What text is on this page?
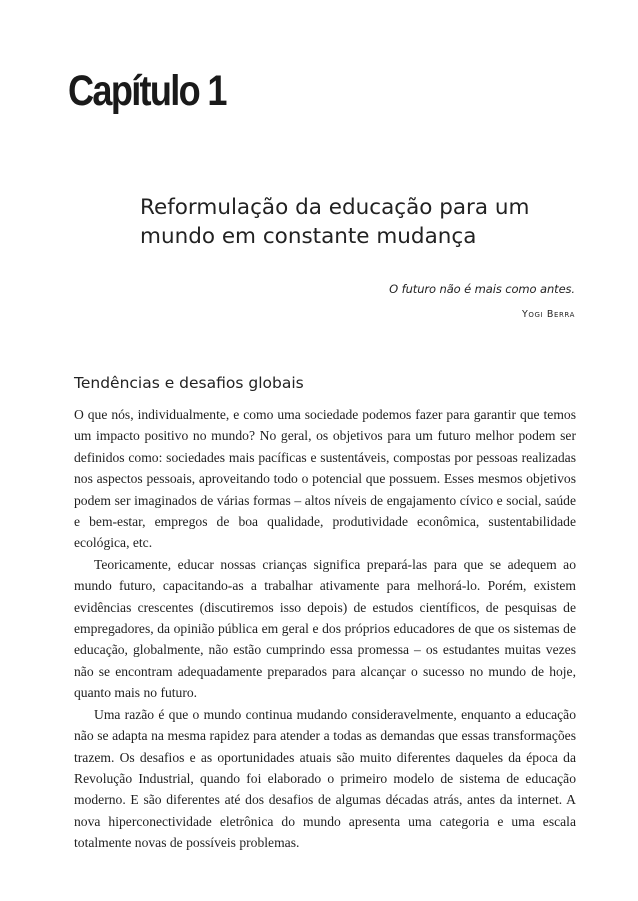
Capítulo 1
Reformulação da educação para um mundo em constante mudança
O futuro não é mais como antes.
Yogi Berra
Tendências e desafios globais

O que nós, individualmente, e como uma sociedade podemos fazer para garantir que temos um impacto positivo no mundo? No geral, os objetivos para um futuro melhor podem ser definidos como: sociedades mais pacíficas e sustentáveis, compostas por pessoas realizadas nos aspectos pessoais, aproveitando todo o potencial que possuem. Esses mesmos objetivos podem ser imaginados de várias formas – altos níveis de engajamento cívico e social, saúde e bem-estar, empregos de boa qualidade, produtividade econômica, sustentabilidade ecológica, etc.

Teoricamente, educar nossas crianças significa prepará-las para que se adequem ao mundo futuro, capacitando-as a trabalhar ativamente para melhorá-lo. Porém, existem evidências crescentes (discutiremos isso depois) de estudos científicos, de pesquisas de empregadores, da opinião pública em geral e dos próprios educadores de que os sistemas de educação, globalmente, não estão cumprindo essa promessa – os estudantes muitas vezes não se encontram adequadamente preparados para alcançar o sucesso no mundo de hoje, quanto mais no futuro.

Uma razão é que o mundo continua mudando consideravelmente, enquanto a educação não se adapta na mesma rapidez para atender a todas as demandas que essas transformações trazem. Os desafios e as oportunidades atuais são muito diferentes daqueles da época da Revolução Industrial, quando foi elaborado o primeiro modelo de sistema de educação moderno. E são diferentes até dos desafios de algumas décadas atrás, antes da internet. A nova hiperconectividade eletrônica do mundo apresenta uma categoria e uma escala totalmente novas de possíveis problemas.
